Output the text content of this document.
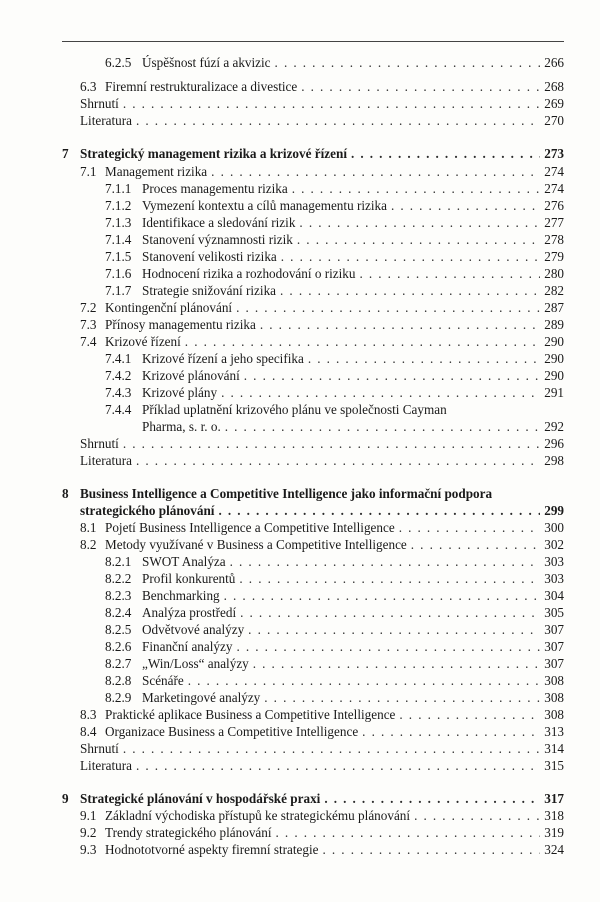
6.2.5 Úspěšnost fúzí a akvizic . . .	266
6.3 Firemní restrukturalizace a divestice . . .	268
Shrnutí . . .	269
Literatura . . .	270
7 Strategický management rizika a krizové řízení . . .	273
7.1 Management rizika . . .	274
7.1.1 Proces managementu rizika . . .	274
7.1.2 Vymezení kontextu a cílů managementu rizika . . .	276
7.1.3 Identifikace a sledování rizik . . .	277
7.1.4 Stanovení významnosti rizik . . .	278
7.1.5 Stanovení velikosti rizika . . .	279
7.1.6 Hodnocení rizika a rozhodování o riziku . . .	280
7.1.7 Strategie snižování rizika . . .	282
7.2 Kontingenční plánování . . .	287
7.3 Přínosy managementu rizika . . .	289
7.4 Krizové řízení . . .	290
7.4.1 Krizové řízení a jeho specifika . . .	290
7.4.2 Krizové plánování . . .	290
7.4.3 Krizové plány . . .	291
7.4.4 Příklad uplatnění krizového plánu ve společnosti Cayman
Pharma, s. r. o. . . .	292
Shrnutí . . .	296
Literatura . . .	298
8 Business Intelligence a Competitive Intelligence jako informační podpora
strategického plánování . . .	299
8.1 Pojetí Business Intelligence a Competitive Intelligence . . .	300
8.2 Metody využívané v Business a Competitive Intelligence . . .	302
8.2.1 SWOT Analýza . . .	303
8.2.2 Profil konkurentů . . .	303
8.2.3 Benchmarking . . .	304
8.2.4 Analýza prostředí . . .	305
8.2.5 Odvětvové analýzy . . .	307
8.2.6 Finanční analýzy . . .	307
8.2.7 „Win/Loss“ analýzy . . .	307
8.2.8 Scénáře . . .	308
8.2.9 Marketingové analýzy . . .	308
8.3 Praktické aplikace Business a Competitive Intelligence . . .	308
8.4 Organizace Business a Competitive Intelligence . . .	313
Shrnutí . . .	314
Literatura . . .	315
9 Strategické plánování v hospodářské praxi . . .	317
9.1 Základní východiska přístupů ke strategickému plánování . . .	318
9.2 Trendy strategického plánování . . .	319
9.3 Hodnototvorné aspekty firemní strategie . . .	324
